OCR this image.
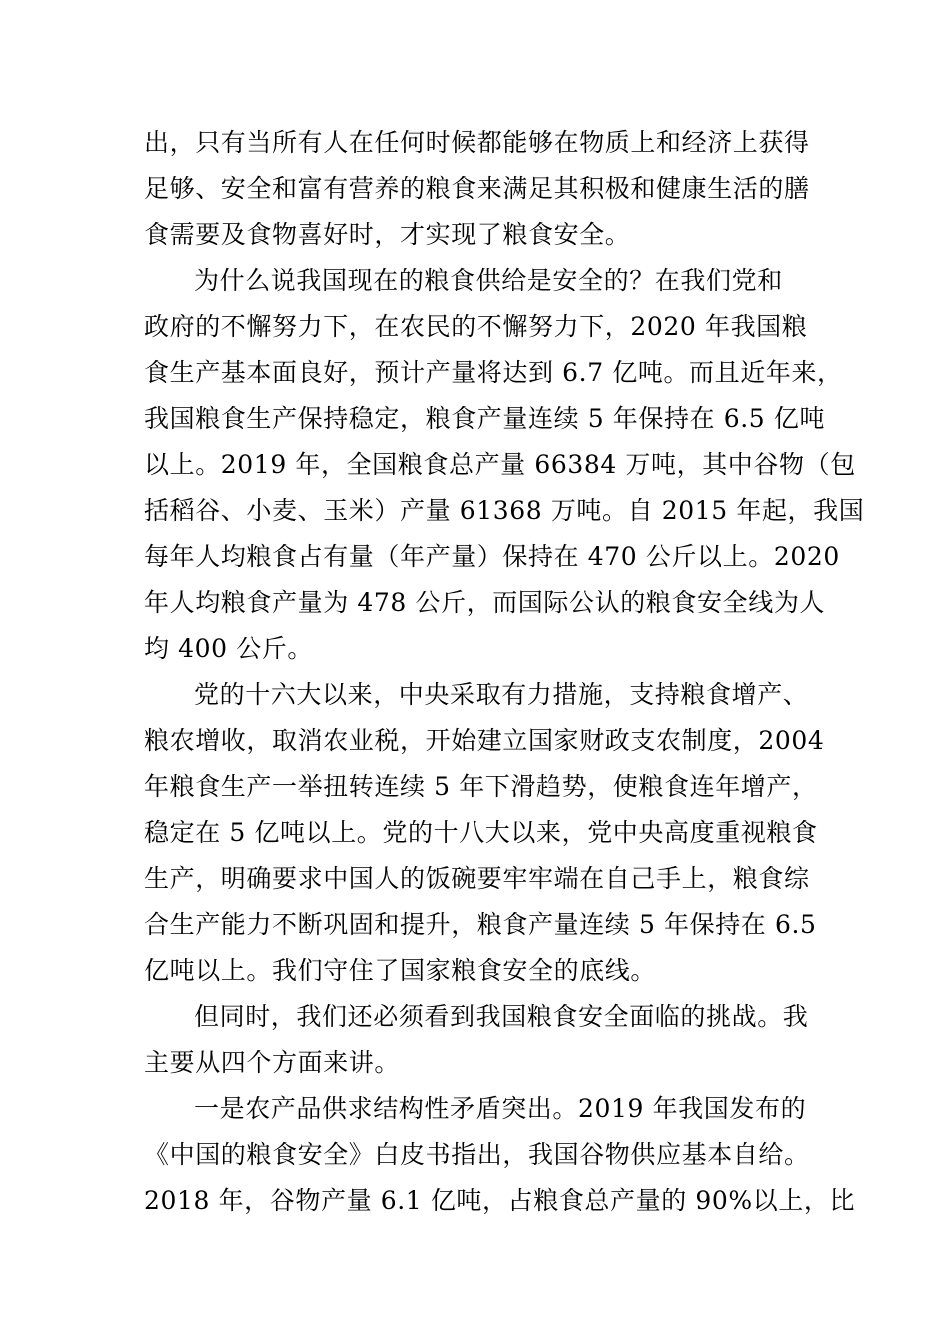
出，只有当所有人在任何时候都能够在物质上和经济上获得
足够、安全和富有营养的粮食来满足其积极和健康生活的膳
食需要及食物喜好时，才实现了粮食安全。
为什么说我国现在的粮食供给是安全的？在我们党和
政府的不懈努力下，在农民的不懈努力下，2020 年我国粮
食生产基本面良好，预计产量将达到 6.7 亿吨。而且近年来，
我国粮食生产保持稳定，粮食产量连续 5 年保持在 6.5 亿吨
以上。2019 年，全国粮食总产量 66384 万吨，其中谷物（包
括稻谷、小麦、玉米）产量 61368 万吨。自 2015 年起，我国
每年人均粮食占有量（年产量）保持在 470 公斤以上。2020
年人均粮食产量为 478 公斤，而国际公认的粮食安全线为人
均 400 公斤。
党的十六大以来，中央采取有力措施，支持粮食增产、
粮农增收，取消农业税，开始建立国家财政支农制度，2004
年粮食生产一举扭转连续 5 年下滑趋势，使粮食连年增产，
稳定在 5 亿吨以上。党的十八大以来，党中央高度重视粮食
生产，明确要求中国人的饭碗要牢牢端在自己手上，粮食综
合生产能力不断巩固和提升，粮食产量连续 5 年保持在 6.5
亿吨以上。我们守住了国家粮食安全的底线。
但同时，我们还必须看到我国粮食安全面临的挑战。我
主要从四个方面来讲。
一是农产品供求结构性矛盾突出。2019 年我国发布的
《中国的粮食安全》白皮书指出，我国谷物供应基本自给。
2018 年，谷物产量 6.1 亿吨，占粮食总产量的 90%以上，比
